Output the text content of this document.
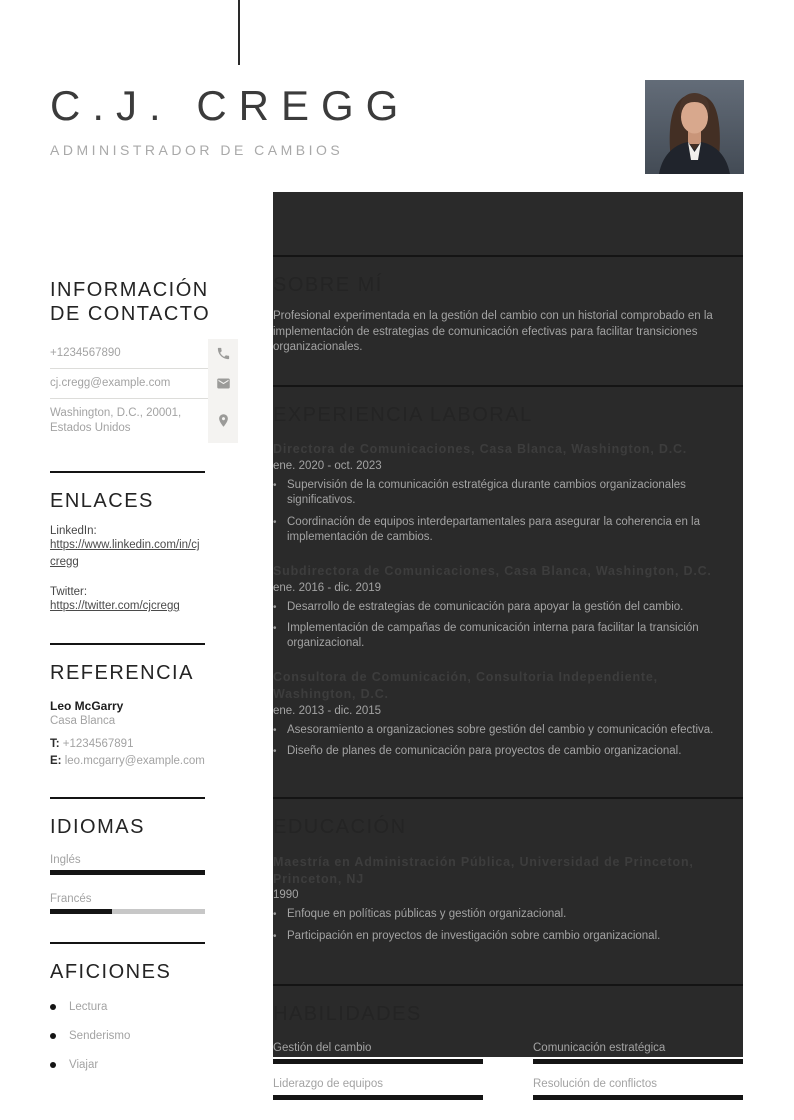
C.J. CREGG
ADMINISTRADOR DE CAMBIOS
INFORMACIÓN DE CONTACTO
+1234567890
cj.cregg@example.com
Washington, D.C., 20001, Estados Unidos
ENLACES
LinkedIn:
https://www.linkedin.com/in/cjcregg
Twitter:
https://twitter.com/cjcregg
REFERENCIA
Leo McGarry
Casa Blanca
T: +1234567891
E: leo.mcgarry@example.com
IDIOMAS
Inglés
Francés
AFICIONES
Lectura
Senderismo
Viajar
SOBRE MÍ
Profesional experimentada en la gestión del cambio con un historial comprobado en la implementación de estrategias de comunicación efectivas para facilitar transiciones organizacionales.
EXPERIENCIA LABORAL
Directora de Comunicaciones, Casa Blanca, Washington, D.C.
ene. 2020 - oct. 2023
• Supervisión de la comunicación estratégica durante cambios organizacionales significativos.
• Coordinación de equipos interdepartamentales para asegurar la coherencia en la implementación de cambios.
Subdirectora de Comunicaciones, Casa Blanca, Washington, D.C.
ene. 2016 - dic. 2019
• Desarrollo de estrategias de comunicación para apoyar la gestión del cambio.
• Implementación de campañas de comunicación interna para facilitar la transición organizacional.
Consultora de Comunicación, Consultoria Independiente, Washington, D.C.
ene. 2013 - dic. 2015
• Asesoramiento a organizaciones sobre gestión del cambio y comunicación efectiva.
• Diseño de planes de comunicación para proyectos de cambio organizacional.
EDUCACIÓN
Maestría en Administración Pública, Universidad de Princeton, Princeton, NJ
1990
• Enfoque en políticas públicas y gestión organizacional.
• Participación en proyectos de investigación sobre cambio organizacional.
HABILIDADES
Gestión del cambio	Comunicación estratégica
Liderazgo de equipos	Resolución de conflictos
